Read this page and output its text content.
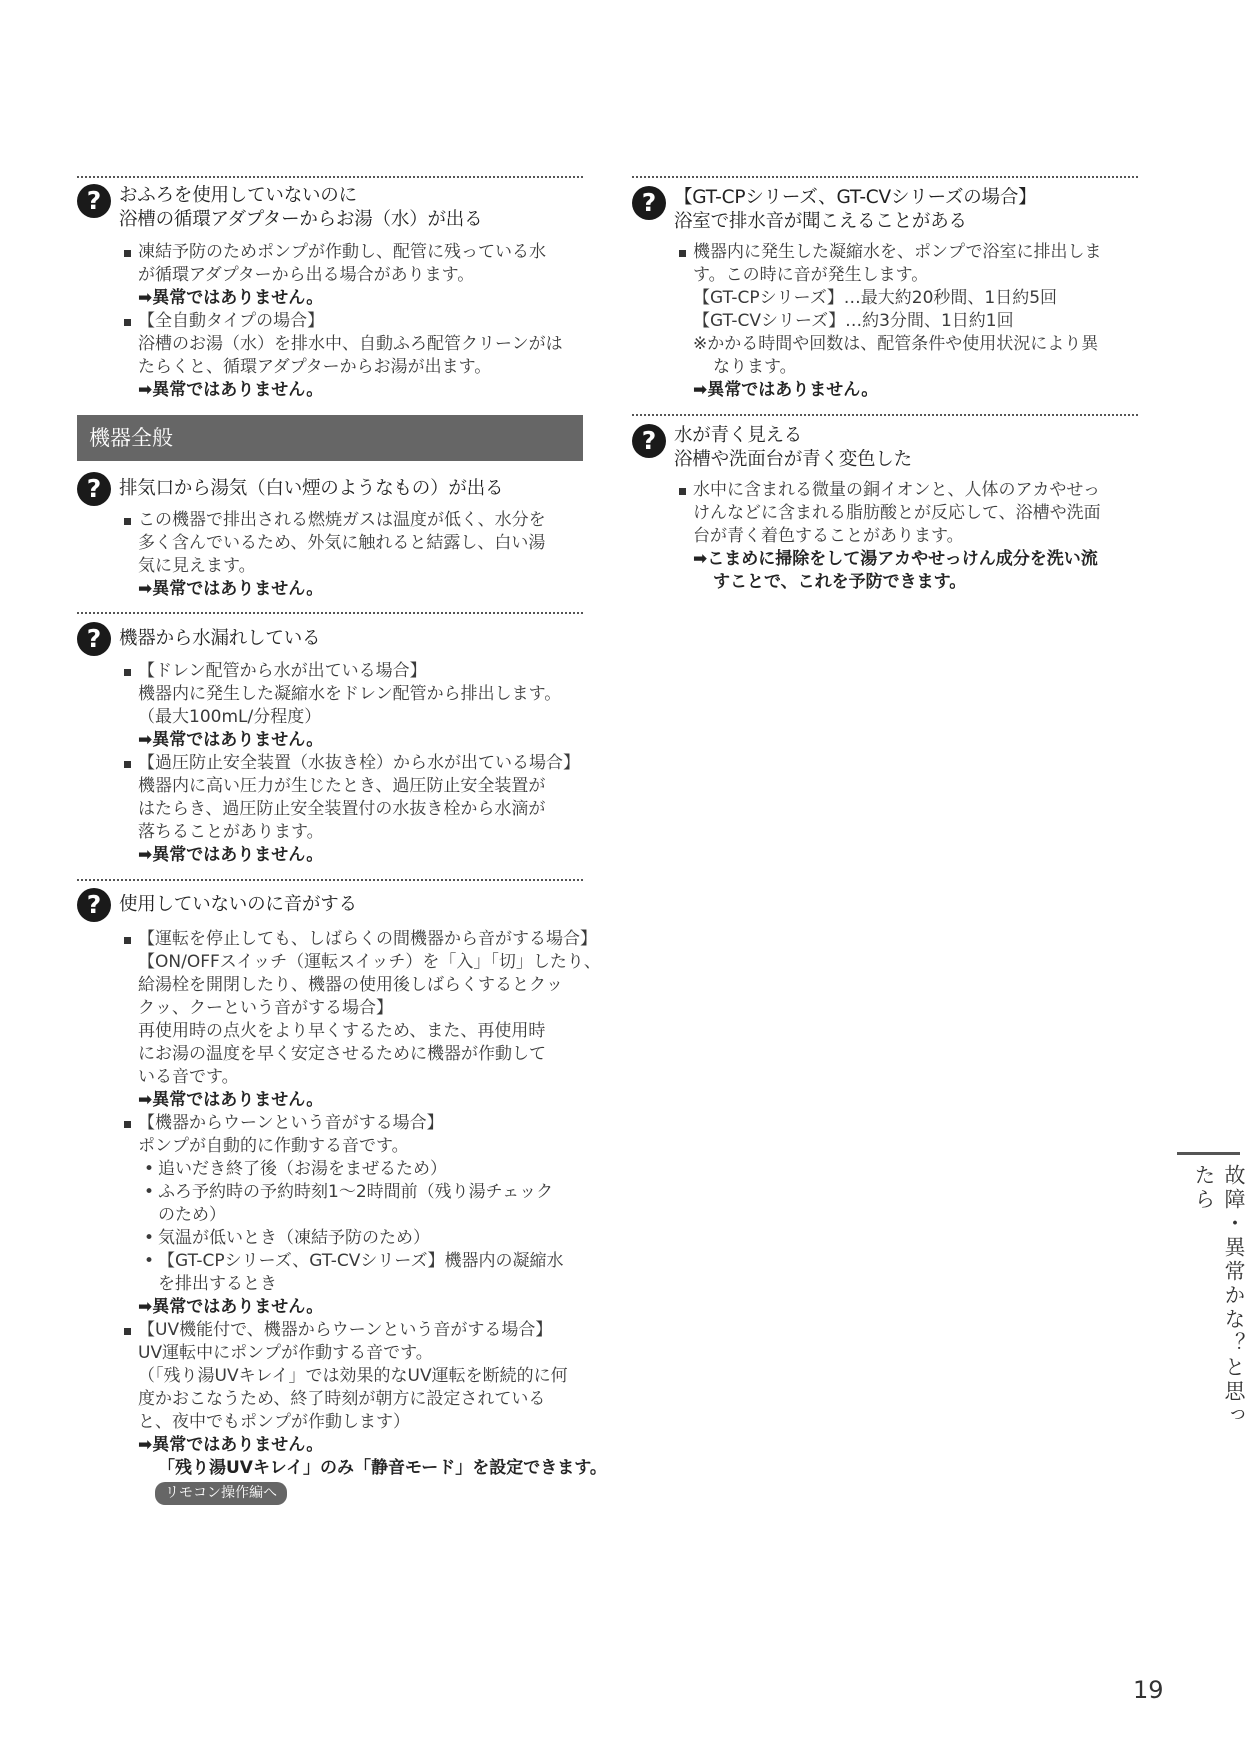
? おふろを使用していないのに
浴槽の循環アダプターからお湯（水）が出る
凍結予防のためポンプが作動し、配管に残っている水
が循環アダプターから出る場合があります。
➡異常ではありません。
【全自動タイプの場合】
浴槽のお湯（水）を排水中、自動ふろ配管クリーンがは
たらくと、循環アダプターからお湯が出ます。
➡異常ではありません。
機器全般
? 排気口から湯気（白い煙のようなもの）が出る
この機器で排出される燃焼ガスは温度が低く、水分を
多く含んでいるため、外気に触れると結露し、白い湯
気に見えます。
➡異常ではありません。
? 機器から水漏れしている
【ドレン配管から水が出ている場合】
機器内に発生した凝縮水をドレン配管から排出します。
（最大100mL/分程度）
➡異常ではありません。
【過圧防止安全装置（水抜き栓）から水が出ている場合】
機器内に高い圧力が生じたとき、過圧防止安全装置が
はたらき、過圧防止安全装置付の水抜き栓から水滴が
落ちることがあります。
➡異常ではありません。
? 使用していないのに音がする
【運転を停止しても、しばらくの間機器から音がする場合】
【ON/OFFスイッチ（運転スイッチ）を「入」「切」したり、
給湯栓を開閉したり、機器の使用後しばらくするとクッ
クッ、クーという音がする場合】
再使用時の点火をより早くするため、また、再使用時
にお湯の温度を早く安定させるために機器が作動して
いる音です。
➡異常ではありません。
【機器からウーンという音がする場合】
ポンプが自動的に作動する音です。
• 追いだき終了後（お湯をまぜるため）
• ふろ予約時の予約時刻1～2時間前（残り湯チェック
のため）
• 気温が低いとき（凍結予防のため）
• 【GT-CPシリーズ、GT-CVシリーズ】機器内の凝縮水
を排出するとき
➡異常ではありません。
【UV機能付で、機器からウーンという音がする場合】
UV運転中にポンプが作動する音です。
（「残り湯UVキレイ」では効果的なUV運転を断続的に何
度かおこなうため、終了時刻が朝方に設定されている
と、夜中でもポンプが作動します）
➡異常ではありません。
「残り湯UVキレイ」のみ「静音モード」を設定できます。
リモコン操作編へ
? 【GT-CPシリーズ、GT-CVシリーズの場合】
浴室で排水音が聞こえることがある
機器内に発生した凝縮水を、ポンプで浴室に排出しま
す。この時に音が発生します。
【GT-CPシリーズ】…最大約20秒間、1日約5回
【GT-CVシリーズ】…約3分間、1日約1回
※かかる時間や回数は、配管条件や使用状況により異
なります。
➡異常ではありません。
? 水が青く見える
浴槽や洗面台が青く変色した
水中に含まれる微量の銅イオンと、人体のアカやせっ
けんなどに含まれる脂肪酸とが反応して、浴槽や洗面
台が青く着色することがあります。
➡こまめに掃除をして湯アカやせっけん成分を洗い流
すことで、これを予防できます。
故障・異常かな？と思ったら
19
